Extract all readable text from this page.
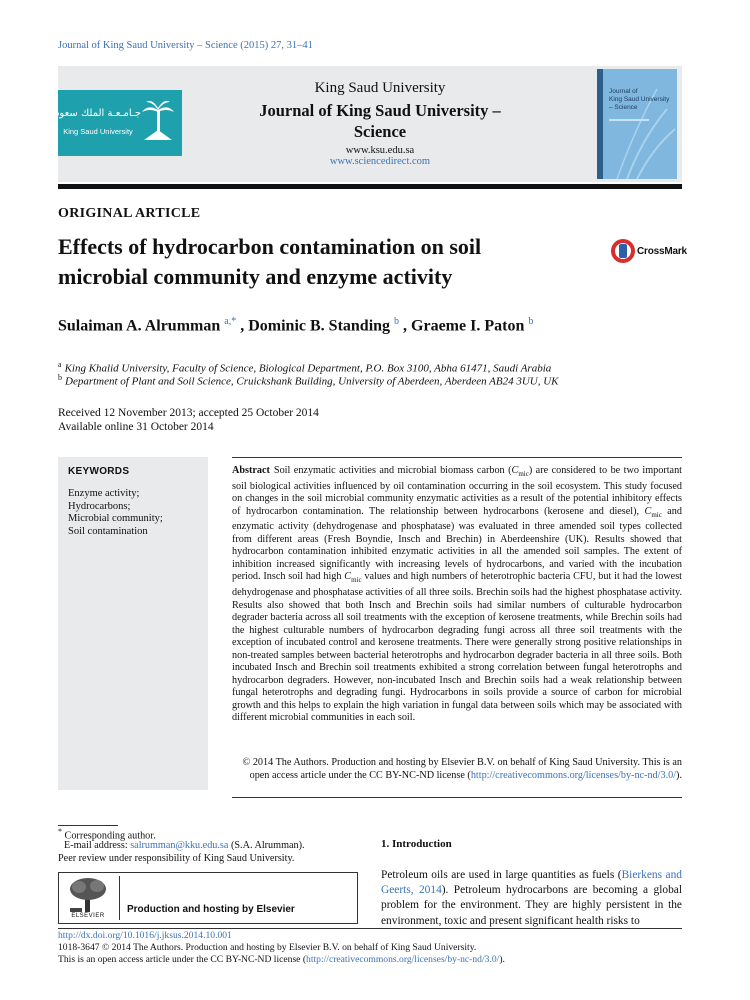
Journal of King Saud University – Science (2015) 27, 31–41
جـامـعـة الملك سعود
King Saud University
King Saud University
Journal of King Saud University –
Science
www.ksu.edu.sa
www.sciencedirect.com
Journal of
King Saud University
– Science
ORIGINAL ARTICLE
Effects of hydrocarbon contamination on soil
microbial community and enzyme activity
CrossMark
Sulaiman A. Alrumman $^{a,*}$ , Dominic B. Standing $^b$ , Graeme I. Paton $^b$
$^a$ King Khalid University, Faculty of Science, Biological Department, P.O. Box 3100, Abha 61471, Saudi Arabia
$^b$ Department of Plant and Soil Science, Cruickshank Building, University of Aberdeen, Aberdeen AB24 3UU, UK
Received 12 November 2013; accepted 25 October 2014
Available online 31 October 2014
KEYWORDS
Enzyme activity;
Hydrocarbons;
Microbial community;
Soil contamination
Abstract Soil enzymatic activities and microbial biomass carbon $(C_{mic})$ are considered to be two important soil biological activities influenced by oil contamination occurring in the soil ecosystem. This study focused on changes in the soil microbial community enzymatic activities as a result of the potential inhibitory effects of hydrocarbon contamination. The relationship between hydrocarbons (kerosene and diesel), $C_{mic}$ and enzymatic activity (dehydrogenase and phosphatase) was evaluated in three amended soil types collected from different areas (Fresh Boyndie, Insch and Brechin) in Aberdeenshire (UK). Results showed that hydrocarbon contamination inhibited enzymatic activities in all the amended soil samples. The extent of inhibition increased significantly with increasing levels of hydrocarbons, and varied with the incubation period. Insch soil had high $C_{mic}$ values and high numbers of heterotrophic bacteria CFU, but it had the lowest dehydrogenase and phosphatase activities of all three soils. Brechin soils had the highest phosphatase activity. Results also showed that both Insch and Brechin soils had similar numbers of culturable hydrocarbon degrader bacteria across all soil treatments with the exception of kerosene treatments, while Brechin soils had the highest culturable numbers of hydrocarbon degrading fungi across all three soil treatments with the exception of incubated control and kerosene treatments. There were generally strong positive relationships in non-treated samples between bacterial heterotrophs and hydrocarbon degrader bacteria in all three soils. Both incubated Insch and Brechin soil treatments exhibited a strong correlation between fungal heterotrophs and hydrocarbon degraders. However, non-incubated Insch and Brechin soils had a weak relationship between fungal heterotrophs and degrading fungi. Hydrocarbons in soils provide a source of carbon for microbial growth and this helps to explain the high variation in fungal data between soils which may be associated with different microbial communities in each soil.
© 2014 The Authors. Production and hosting by Elsevier B.V. on behalf of King Saud University. This is an
open access article under the CC BY-NC-ND license (http://creativecommons.org/licenses/by-nc-nd/3.0/).
* Corresponding author.
E-mail address: salrumman@kku.edu.sa (S.A. Alrumman).
Peer review under responsibility of King Saud University.
ELSEVIER
Production and hosting by Elsevier
1. Introduction
Petroleum oils are used in large quantities as fuels (Bierkens and Geerts, 2014). Petroleum hydrocarbons are becoming a global problem for the environment. They are highly persistent in the environment, toxic and present significant health risks to
http://dx.doi.org/10.1016/j.jksus.2014.10.001
1018-3647 © 2014 The Authors. Production and hosting by Elsevier B.V. on behalf of King Saud University.
This is an open access article under the CC BY-NC-ND license (http://creativecommons.org/licenses/by-nc-nd/3.0/).
